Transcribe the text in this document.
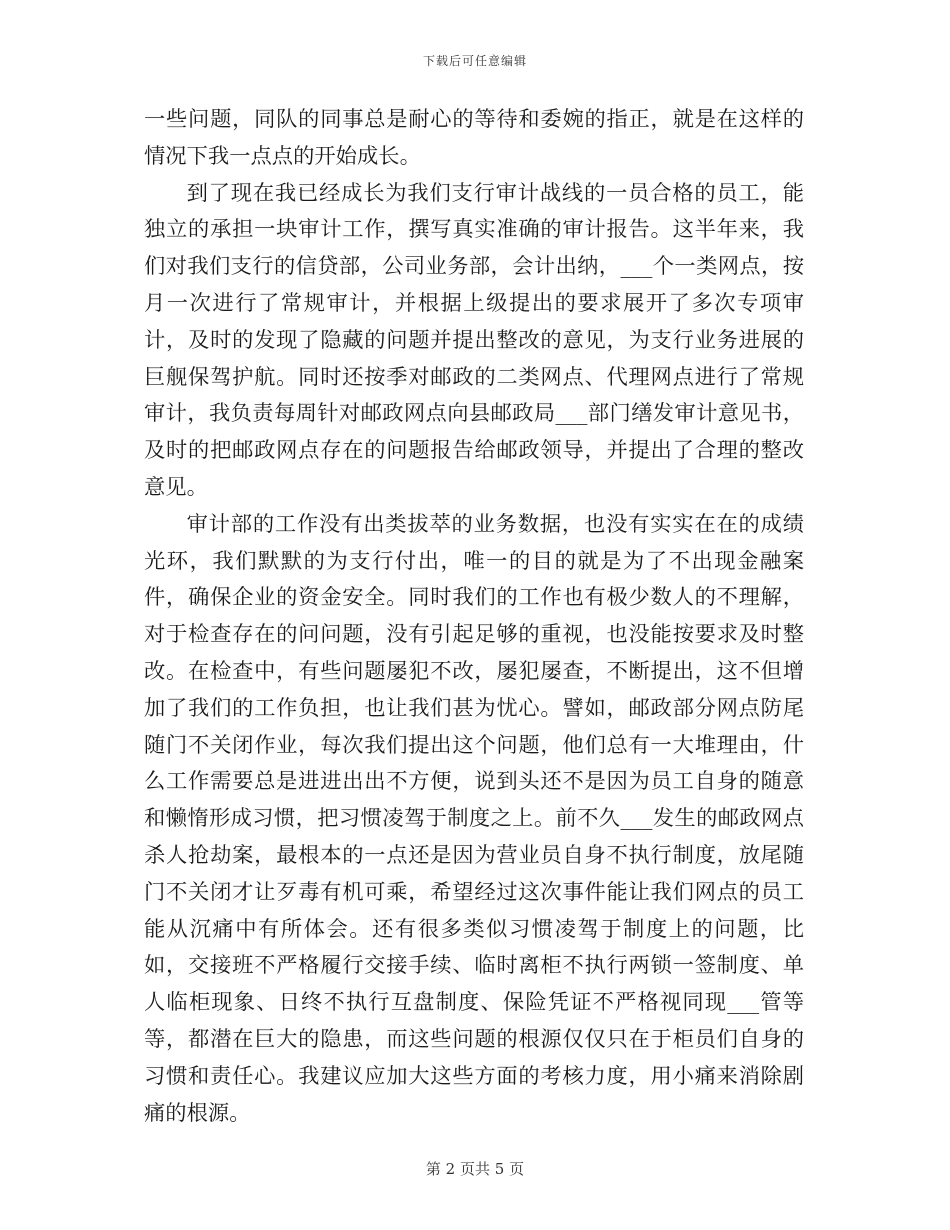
下载后可任意编辑

一些问题，同队的同事总是耐心的等待和委婉的指正，就是在这样的情况下我一点点的开始成长。

到了现在我已经成长为我们支行审计战线的一员合格的员工，能独立的承担一块审计工作，撰写真实准确的审计报告。这半年来，我们对我们支行的信贷部，公司业务部，会计出纳，___个一类网点，按月一次进行了常规审计，并根据上级提出的要求展开了多次专项审计，及时的发现了隐藏的问题并提出整改的意见，为支行业务进展的巨舰保驾护航。同时还按季对邮政的二类网点、代理网点进行了常规审计，我负责每周针对邮政网点向县邮政局___部门缮发审计意见书，及时的把邮政网点存在的问题报告给邮政领导，并提出了合理的整改意见。

审计部的工作没有出类拔萃的业务数据，也没有实实在在的成绩光环，我们默默的为支行付出，唯一的目的就是为了不出现金融案件，确保企业的资金安全。同时我们的工作也有极少数人的不理解，对于检查存在的问问题，没有引起足够的重视，也没能按要求及时整改。在检查中，有些问题屡犯不改，屡犯屡查，不断提出，这不但增加了我们的工作负担，也让我们甚为忧心。譬如，邮政部分网点防尾随门不关闭作业，每次我们提出这个问题，他们总有一大堆理由，什么工作需要总是进进出出不方便，说到头还不是因为员工自身的随意和懒惰形成习惯，把习惯凌驾于制度之上。前不久___发生的邮政网点杀人抢劫案，最根本的一点还是因为营业员自身不执行制度，放尾随门不关闭才让歹毒有机可乘，希望经过这次事件能让我们网点的员工能从沉痛中有所体会。还有很多类似习惯凌驾于制度上的问题，比如，交接班不严格履行交接手续、临时离柜不执行两锁一签制度、单人临柜现象、日终不执行互盘制度、保险凭证不严格视同现___管等等，都潜在巨大的隐患，而这些问题的根源仅仅只在于柜员们自身的习惯和责任心。我建议应加大这些方面的考核力度，用小痛来消除剧痛的根源。

第 2 页共 5 页
